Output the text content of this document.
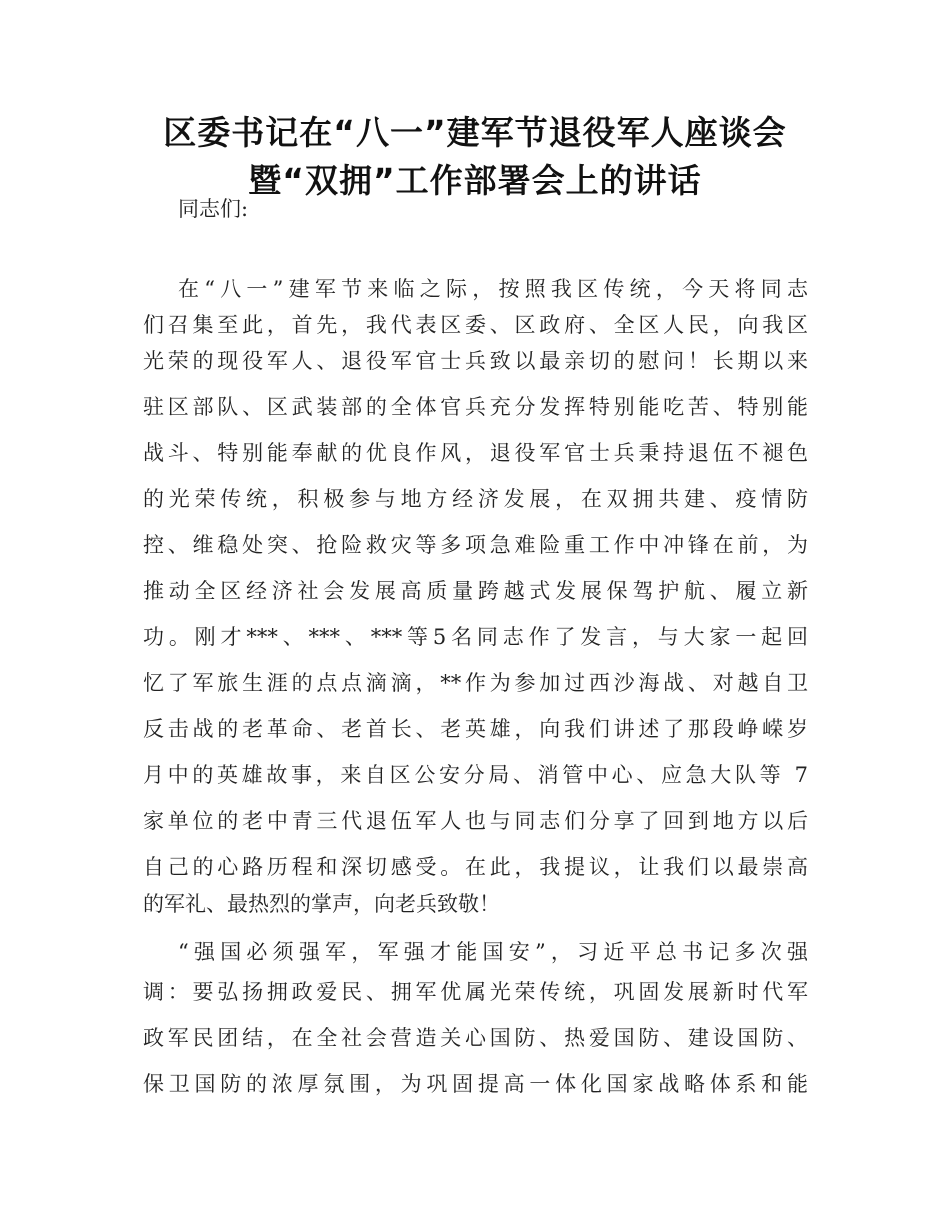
区委书记在“八一”建军节退役军人座谈会
暨“双拥”工作部署会上的讲话
同志们:
在“八一”建军节来临之际，按照我区传统，今天将同志
们召集至此，首先，我代表区委、区政府、全区人民，向我区
光荣的现役军人、退役军官士兵致以最亲切的慰问！长期以来
驻区部队、区武装部的全体官兵充分发挥特别能吃苦、特别能
战斗、特别能奉献的优良作风，退役军官士兵秉持退伍不褪色
的光荣传统，积极参与地方经济发展，在双拥共建、疫情防
控、维稳处突、抢险救灾等多项急难险重工作中冲锋在前，为
推动全区经济社会发展高质量跨越式发展保驾护航、履立新
功。刚才***、***、***等5名同志作了发言，与大家一起回
忆了军旅生涯的点点滴滴，**作为参加过西沙海战、对越自卫
反击战的老革命、老首长、老英雄，向我们讲述了那段峥嵘岁
月中的英雄故事，来自区公安分局、消管中心、应急大队等 7
家单位的老中青三代退伍军人也与同志们分享了回到地方以后
自己的心路历程和深切感受。在此，我提议，让我们以最崇高
的军礼、最热烈的掌声，向老兵致敬！
“强国必须强军，军强才能国安”，习近平总书记多次强
调：要弘扬拥政爱民、拥军优属光荣传统，巩固发展新时代军
政军民团结，在全社会营造关心国防、热爱国防、建设国防、
保卫国防的浓厚氛围，为巩固提高一体化国家战略体系和能
